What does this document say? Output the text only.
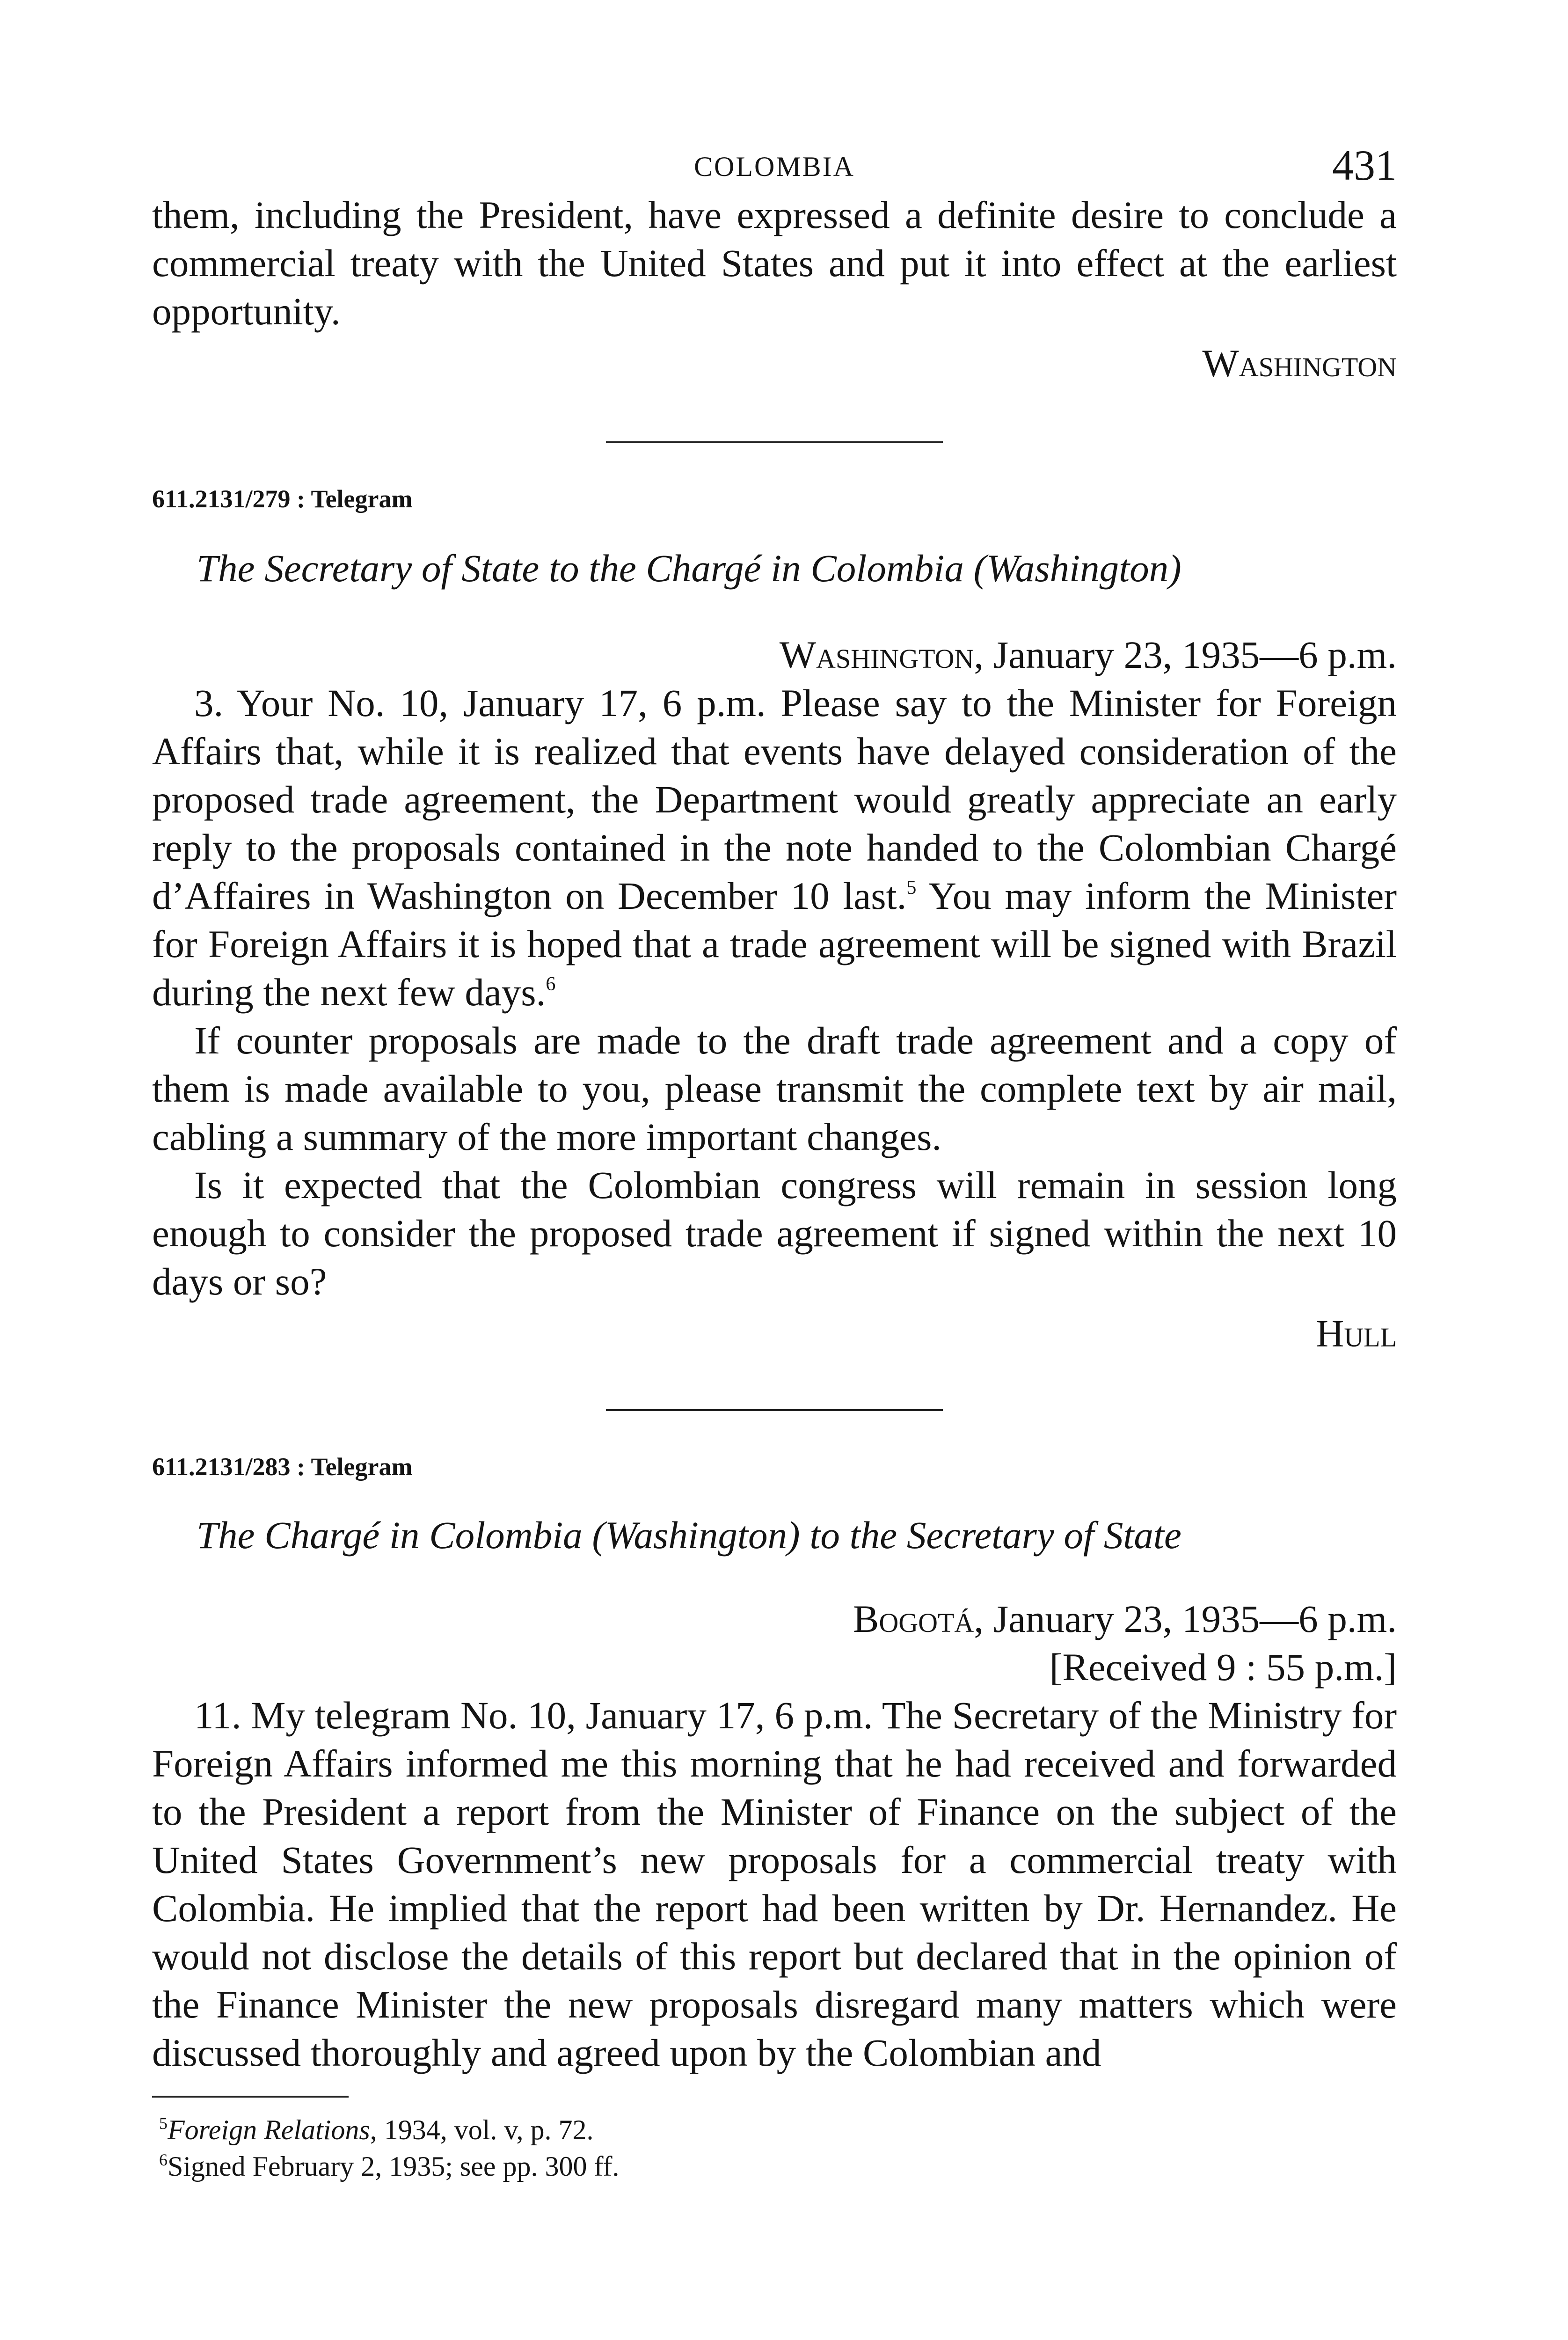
COLOMBIA	431

them, including the President, have expressed a definite desire to conclude a commercial treaty with the United States and put it into effect at the earliest opportunity.

Washington
611.2131/279 : Telegram
The Secretary of State to the Chargé in Colombia (Washington)
Washington, January 23, 1935—6 p.m.

3. Your No. 10, January 17, 6 p.m. Please say to the Minister for Foreign Affairs that, while it is realized that events have delayed consideration of the proposed trade agreement, the Department would greatly appreciate an early reply to the proposals contained in the note handed to the Colombian Chargé d’Affaires in Washington on December 10 last.$^5$ You may inform the Minister for Foreign Affairs it is hoped that a trade agreement will be signed with Brazil during the next few days.$^6$

If counter proposals are made to the draft trade agreement and a copy of them is made available to you, please transmit the complete text by air mail, cabling a summary of the more important changes.

Is it expected that the Colombian congress will remain in session long enough to consider the proposed trade agreement if signed within the next 10 days or so?

Hull
611.2131/283 : Telegram
The Chargé in Colombia (Washington) to the Secretary of State
Bogotá, January 23, 1935—6 p.m.
[Received 9 : 55 p.m.]

11. My telegram No. 10, January 17, 6 p.m. The Secretary of the Ministry for Foreign Affairs informed me this morning that he had received and forwarded to the President a report from the Minister of Finance on the subject of the United States Government’s new proposals for a commercial treaty with Colombia. He implied that the report had been written by Dr. Hernandez. He would not disclose the details of this report but declared that in the opinion of the Finance Minister the new proposals disregard many matters which were discussed thoroughly and agreed upon by the Colombian and

$^5$Foreign Relations, 1934, vol. v, p. 72.
$^6$Signed February 2, 1935; see pp. 300 ff.
